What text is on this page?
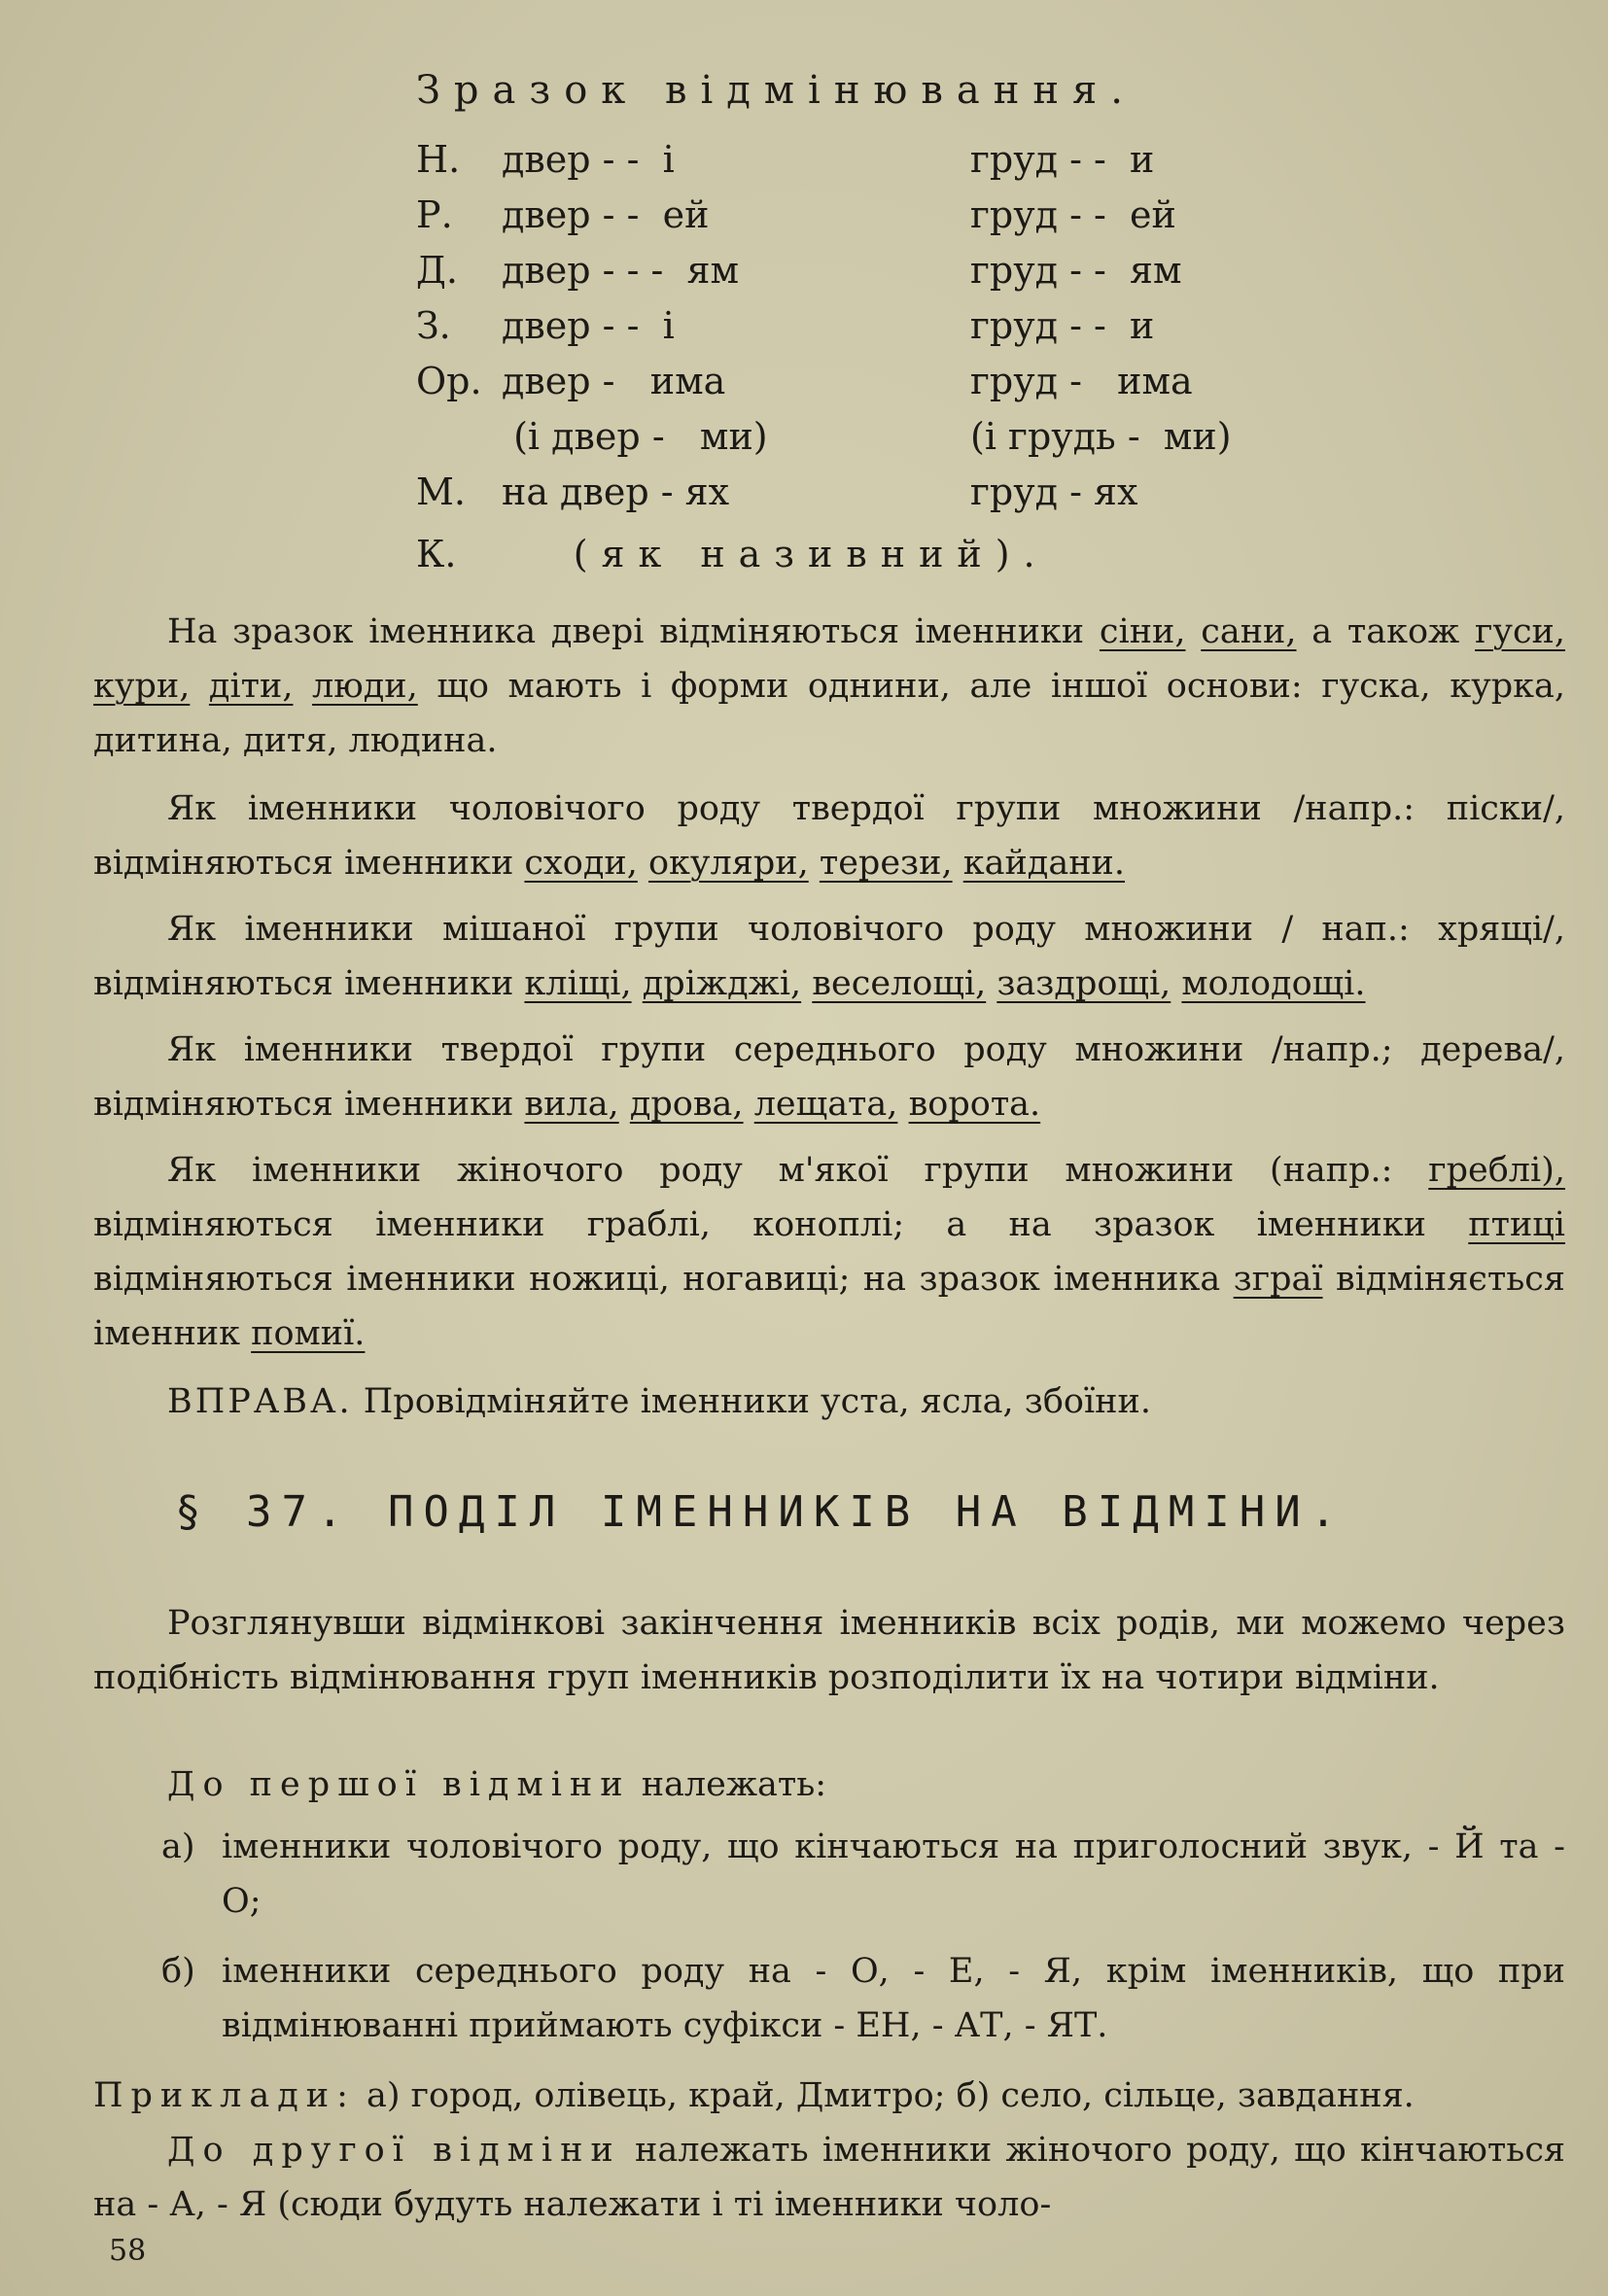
Зразок відмінювання.
Н. двер - -  і	груд - -  и
Р. двер - -  ей	груд - -  ей
Д. двер - - -  ям	груд - -  ям
З. двер - -  і	груд - -  и
Ор. двер -   има	груд -   има
(і двер -   ми)	(і грудь -  ми)
М. на двер - ях	груд - ях
К.	(як називний).

На зразок іменника двері відміняються іменники сіни, сани, а також гуси, кури, діти, люди, що мають і форми однини, але іншої основи: гуска, курка, дитина, дитя, людина.

Як іменники чоловічого роду твердої групи множини /напр.: піски/, відміняються іменники сходи, окуляри, терези, кайдани.

Як іменники мішаної групи чоловічого роду множини / нап.: хрящі/, відміняються іменники кліщі, дріжджі, веселощі, заздрощі, молодощі.

Як іменники твердої групи середнього роду множини /напр.; дерева/, відміняються іменники вила, дрова, лещата, ворота.

Як іменники жіночого роду м'якої групи множини (напр.: греблі), відміняються іменники граблі, коноплі; а на зразок іменники птиці відміняються іменники ножиці, ногавиці; на зразок іменника зграї відміняється іменник помиї.

ВПРАВА. Провідміняйте іменники уста, ясла, збоїни.

§ 37. ПОДІЛ ІМЕННИКІВ НА ВІДМІНИ.

Розглянувши відмінкові закінчення іменників всіх родів, ми можемо через подібність відмінювання груп іменників розподілити їх на чотири відміни.

До першої відміни належать:

а) іменники чоловічого роду, що кінчаються на приголосний звук, - Й та - О;

б) іменники середнього роду на - О, - Е, - Я, крім іменників, що при відмінюванні приймають суфікси - ЕН, - АТ, - ЯТ.

Приклади: а) город, олівець, край, Дмитро; б) село, сільце, завдання.

До другої відміни належать іменники жіночого роду, що кінчаються на - А, - Я (сюди будуть належати і ті іменники чоло-

58
